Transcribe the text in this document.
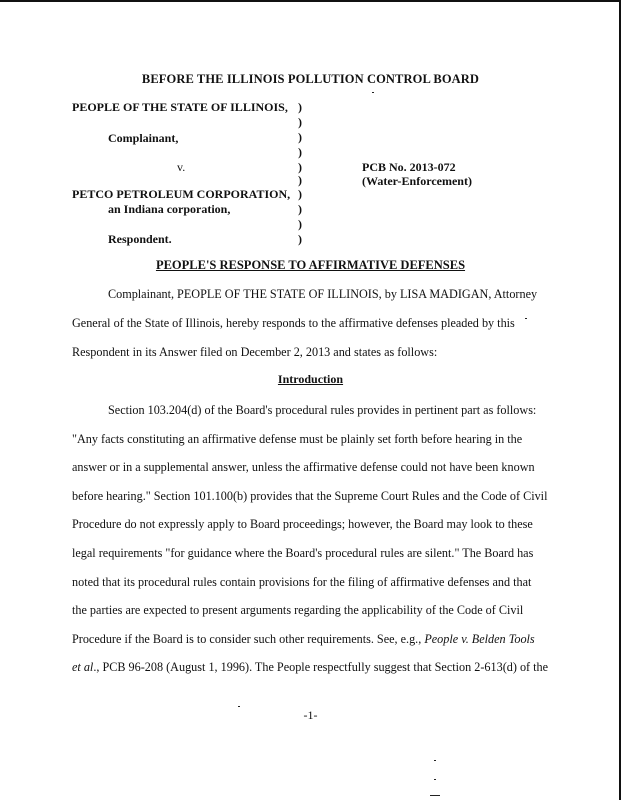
BEFORE THE ILLINOIS POLLUTION CONTROL BOARD
PEOPLE OF THE STATE OF ILLINOIS,
Complainant,
v.
PETCO PETROLEUM CORPORATION,
an Indiana corporation,
Respondent.
)
)
)
)
)
)
)
)
)
)
PCB No. 2013-072
(Water-Enforcement)
PEOPLE'S RESPONSE TO AFFIRMATIVE DEFENSES
Complainant, PEOPLE OF THE STATE OF ILLINOIS, by LISA MADIGAN, Attorney
General of the State of Illinois, hereby responds to the affirmative defenses pleaded by this
Respondent in its Answer filed on December 2, 2013 and states as follows:
Introduction
Section 103.204(d) of the Board's procedural rules provides in pertinent part as follows:
"Any facts constituting an affirmative defense must be plainly set forth before hearing in the
answer or in a supplemental answer, unless the affirmative defense could not have been known
before hearing." Section 101.100(b) provides that the Supreme Court Rules and the Code of Civil
Procedure do not expressly apply to Board proceedings; however, the Board may look to these
legal requirements "for guidance where the Board's procedural rules are silent." The Board has
noted that its procedural rules contain provisions for the filing of affirmative defenses and that
the parties are expected to present arguments regarding the applicability of the Code of Civil
Procedure if the Board is to consider such other requirements. See, e.g., People v. Belden Tools
et al., PCB 96-208 (August 1, 1996). The People respectfully suggest that Section 2-613(d) of the
-1-
